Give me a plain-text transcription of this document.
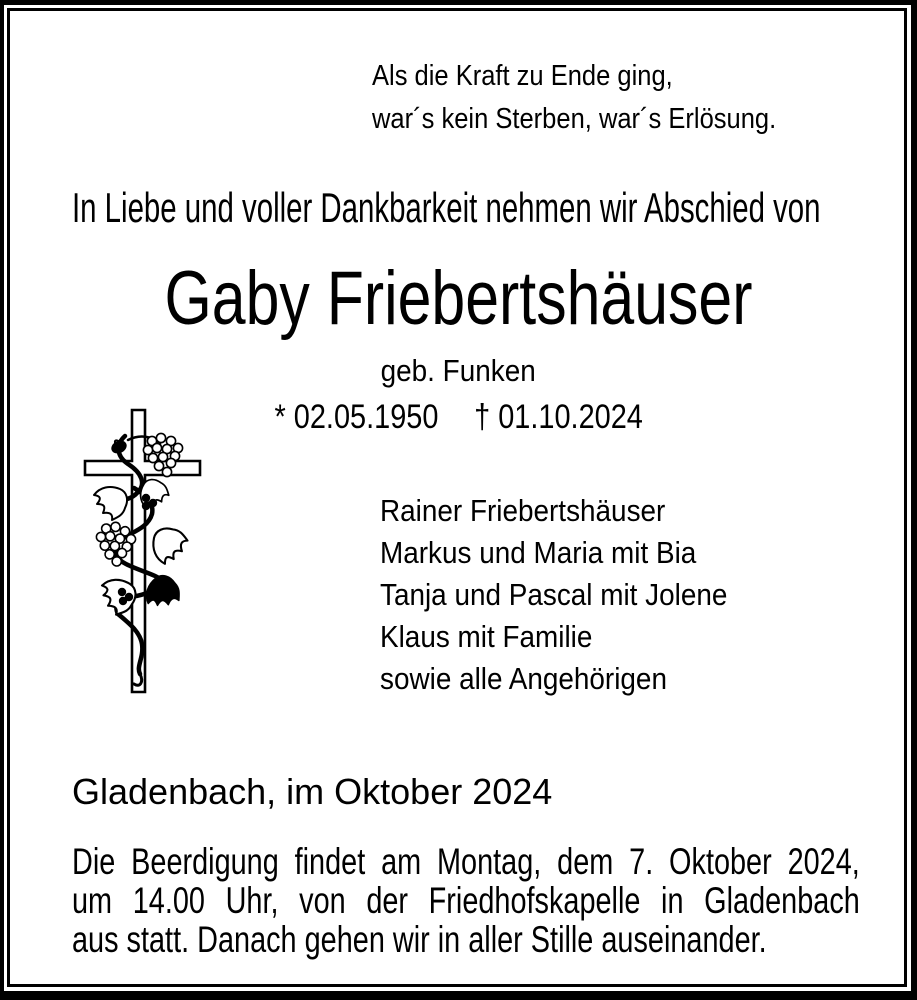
Als die Kraft zu Ende ging,
war´s kein Sterben, war´s Erlösung.
In Liebe und voller Dankbarkeit nehmen wir Abschied von
Gaby Friebertshäuser
geb. Funken
* 02.05.1950 † 01.10.2024
Rainer Friebertshäuser
Markus und Maria mit Bia
Tanja und Pascal mit Jolene
Klaus mit Familie
sowie alle Angehörigen
Gladenbach, im Oktober 2024
Die Beerdigung findet am Montag, dem 7. Oktober 2024,
um 14.00 Uhr, von der Friedhofskapelle in Gladenbach
aus statt. Danach gehen wir in aller Stille auseinander.
